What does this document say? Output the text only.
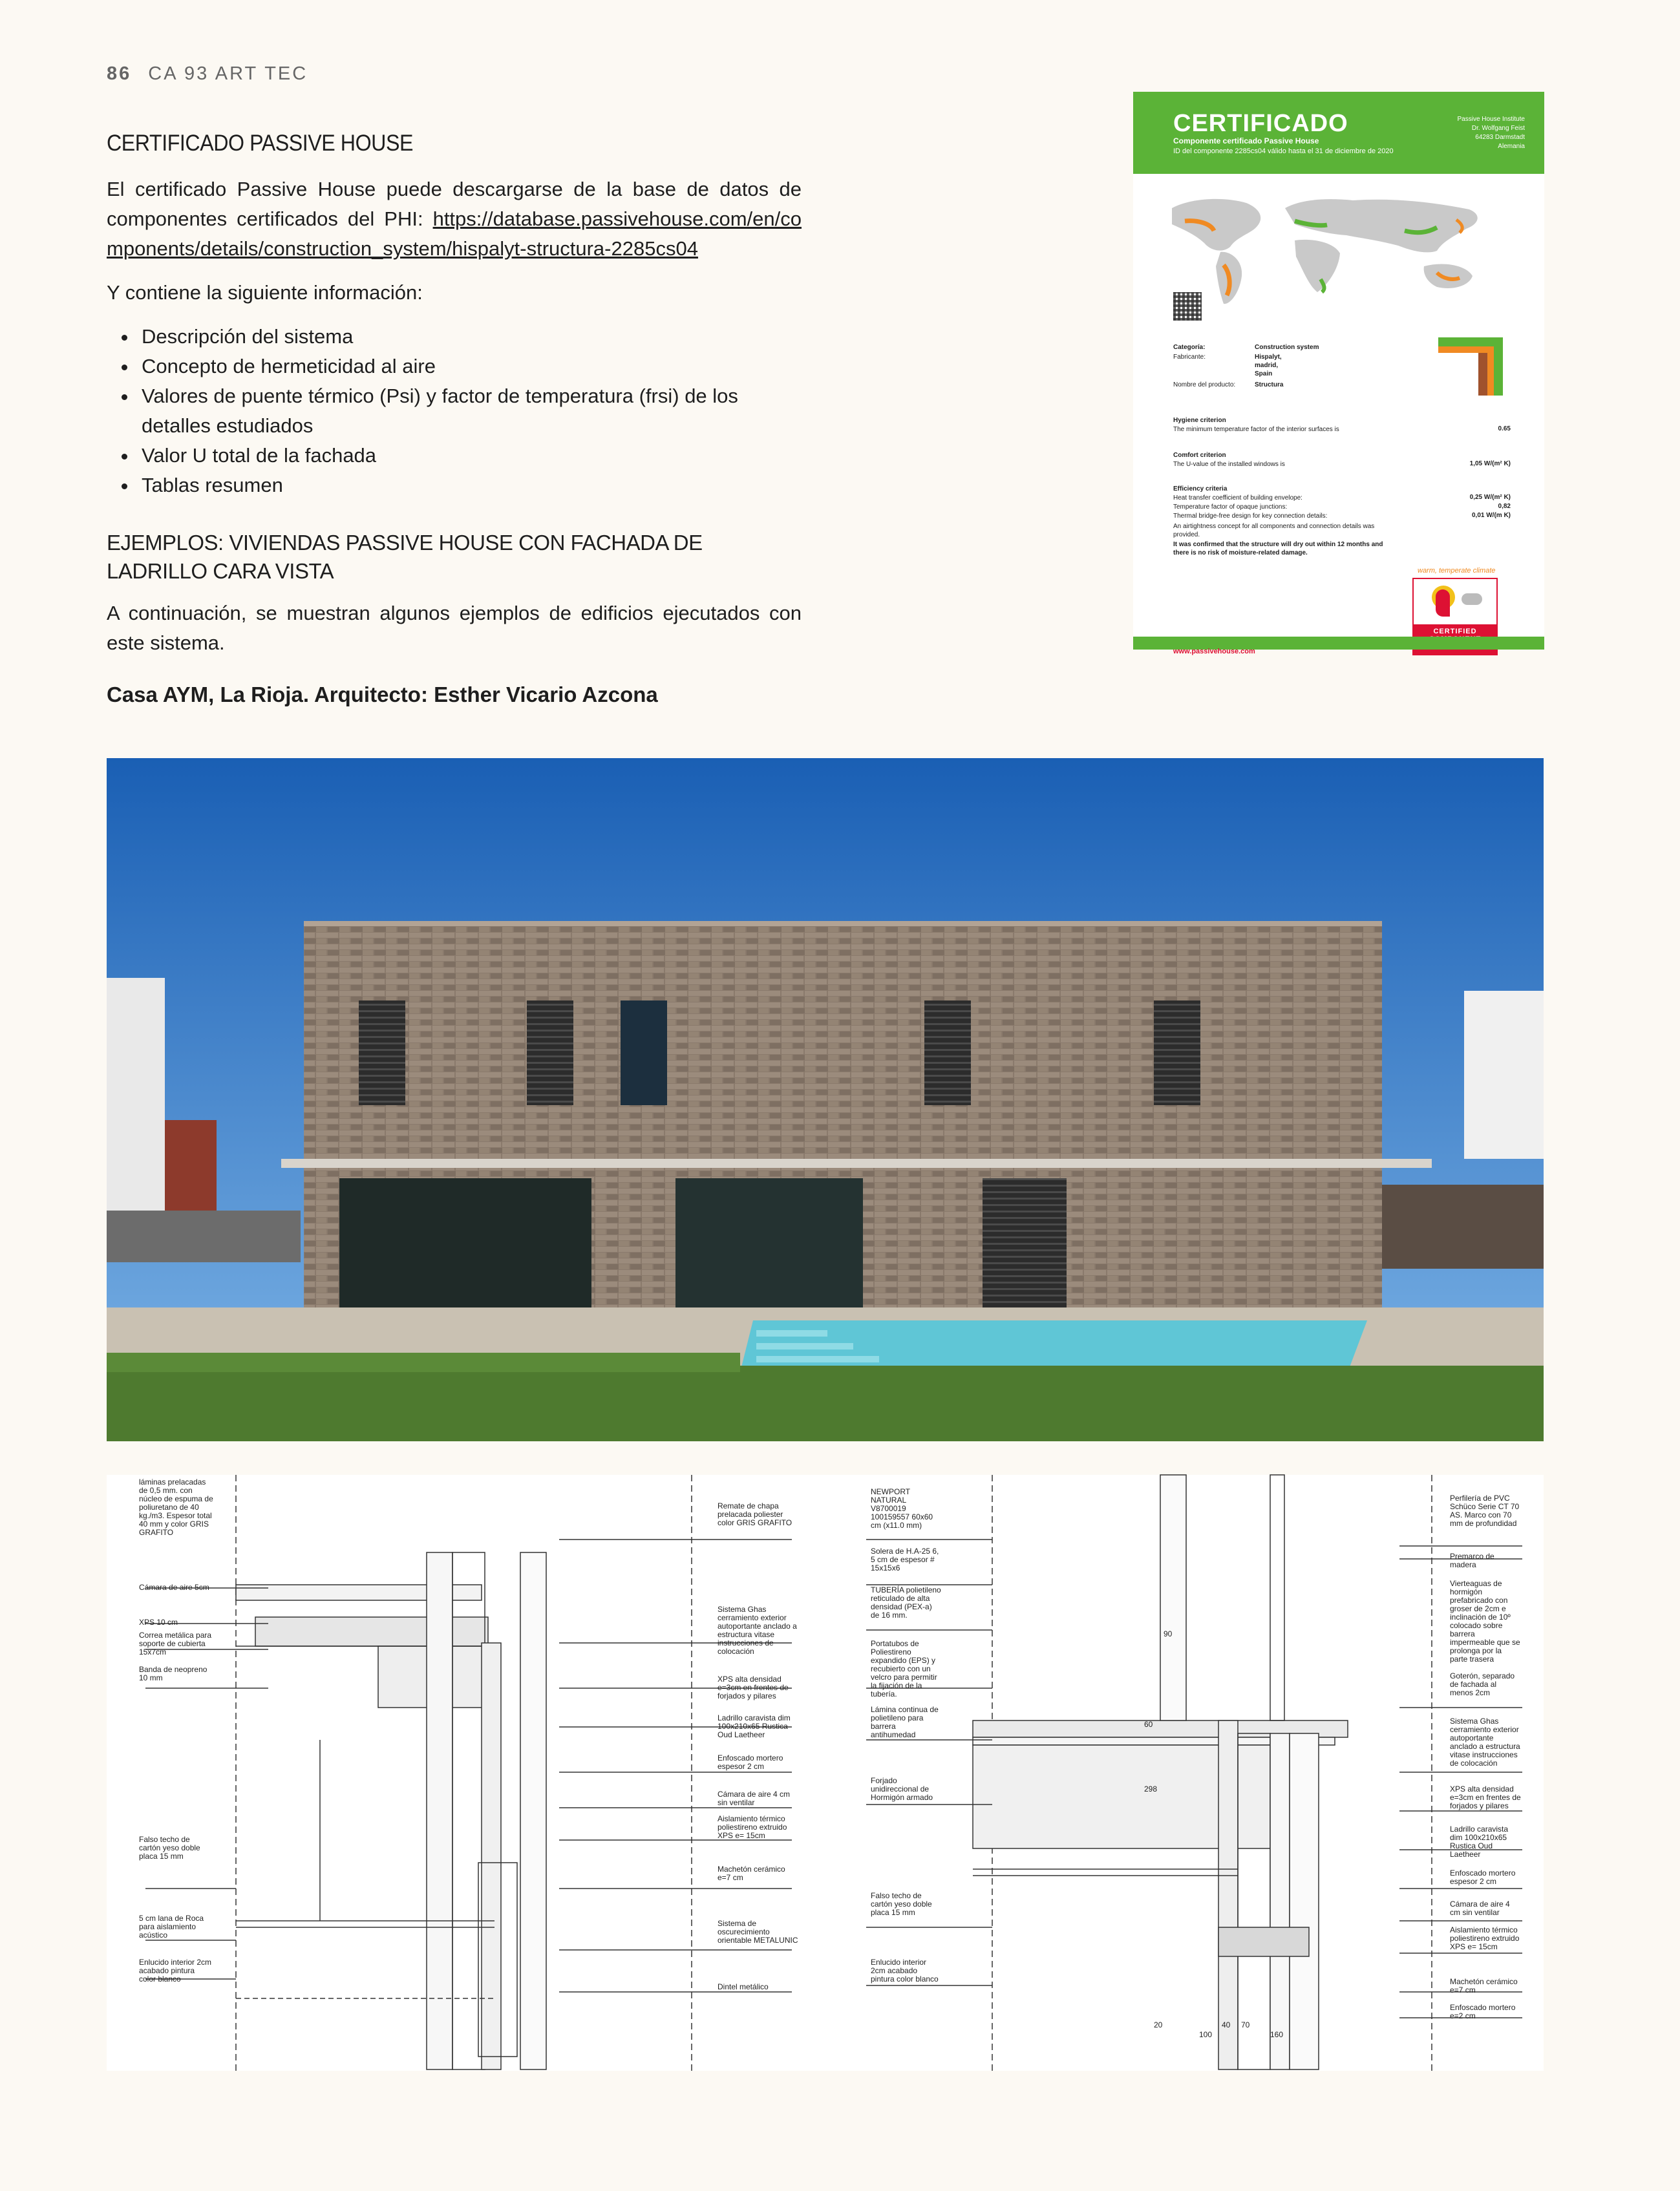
86 CA 93 ART TEC
CERTIFICADO PASSIVE HOUSE

El certificado Passive House puede descargarse de la base de datos de componentes certificados del PHI: https://database.passivehouse.com/en/components/details/construction_system/hispalyt-structura-2285cs04

Y contiene la siguiente información:

• Descripción del sistema
• Concepto de hermeticidad al aire
• Valores de puente térmico (Psi) y factor de temperatura (frsi) de los detalles estudiados
• Valor U total de la fachada
• Tablas resumen
EJEMPLOS: VIVIENDAS PASSIVE HOUSE CON FACHADA DE LADRILLO CARA VISTA

A continuación, se muestran algunos ejemplos de edificios ejecutados con este sistema.

Casa AYM, La Rioja. Arquitecto: Esther Vicario Azcona
CERTIFICADO
Componente certificado Passive House
ID del componente 2285cs04 válido hasta el 31 de diciembre de 2020
Passive House Institute
Dr. Wolfgang Feist
64283 Darmstadt
Alemania
Categoría:	Construction system
Fabricante:	Hispalyt,
madrid,
Spain
Nombre del producto:	Structura
Hygiene criterion
The minimum temperature factor of the interior surfaces is	0.65
Comfort criterion
The U-value of the installed windows is	1,05 W/(m² K)
Efficiency criteria
Heat transfer coefficient of building envelope:	0,25 W/(m² K)
Temperature factor of opaque junctions:	0,82
Thermal bridge-free design for key connection details:	0,01 W/(m K)
An airtightness concept for all components and connection details was provided.
It was confirmed that the structure will dry out within 12 months and there is no risk of moisture-related damage.
warm, temperate climate
CERTIFIED
www.passivehouse.com
láminas prelacadas de 0,5 mm. con núcleo de espuma de poliuretano de 40 kg./m3. Espesor total 40 mm y color GRIS GRAFITO
Cámara de aire 5cm
XPS 10 cm
Correa metálica para soporte de cubierta 15x7cm
Banda de neopreno 10 mm
Falso techo de cartón yeso doble placa 15 mm
5 cm lana de Roca para aislamiento acústico
Enlucido interior 2cm acabado pintura color blanco
Remate de chapa prelacada poliester color GRIS GRAFITO
Sistema Ghas cerramiento exterior autoportante anclado a estructura vitase instrucciones de colocación
XPS alta densidad e=3cm en frentes de forjados y pilares
Ladrillo caravista dim 100x210x65 Rustica Oud Laetheer
Enfoscado mortero espesor 2 cm
Cámara de aire 4 cm sin ventilar
Aislamiento térmico poliestireno extruido XPS e= 15cm
Machetón cerámico e=7 cm
Sistema de oscurecimiento orientable METALUNIC
Dintel metálico
NEWPORT NATURAL V8700019 100159557 60x60 cm (x11.0 mm)
Solera de H.A-25 6, 5 cm de espesor # 15x15x6
TUBERÍA polietileno reticulado de alta densidad (PEX-a) de 16 mm.
Portatubos de Poliestireno expandido (EPS) y recubierto con un velcro para permitir la fijación de la tubería.
Lámina continua de polietileno para barrera antihumedad
Forjado unidireccional de Hormigón armado
Falso techo de cartón yeso doble placa 15 mm
Enlucido interior 2cm acabado pintura color blanco
Perfilería de PVC Schüco Serie CT 70 AS. Marco con 70 mm de profundidad
Premarco de madera
Vierteaguas de hormigón prefabricado con groser de 2cm e inclinación de 10º colocado sobre barrera impermeable que se prolonga por la parte trasera
Goterón, separado de fachada al menos 2cm
Sistema Ghas cerramiento exterior autoportante anclado a estructura vitase instrucciones de colocación
XPS alta densidad e=3cm en frentes de forjados y pilares
Ladrillo caravista dim 100x210x65 Rustica Oud Laetheer
Enfoscado mortero espesor 2 cm
Cámara de aire 4 cm sin ventilar
Aislamiento térmico poliestireno extruido XPS e= 15cm
Machetón cerámico e=7 cm
Enfoscado mortero e=2 cm
90
60
298
20
100
40 70
160
